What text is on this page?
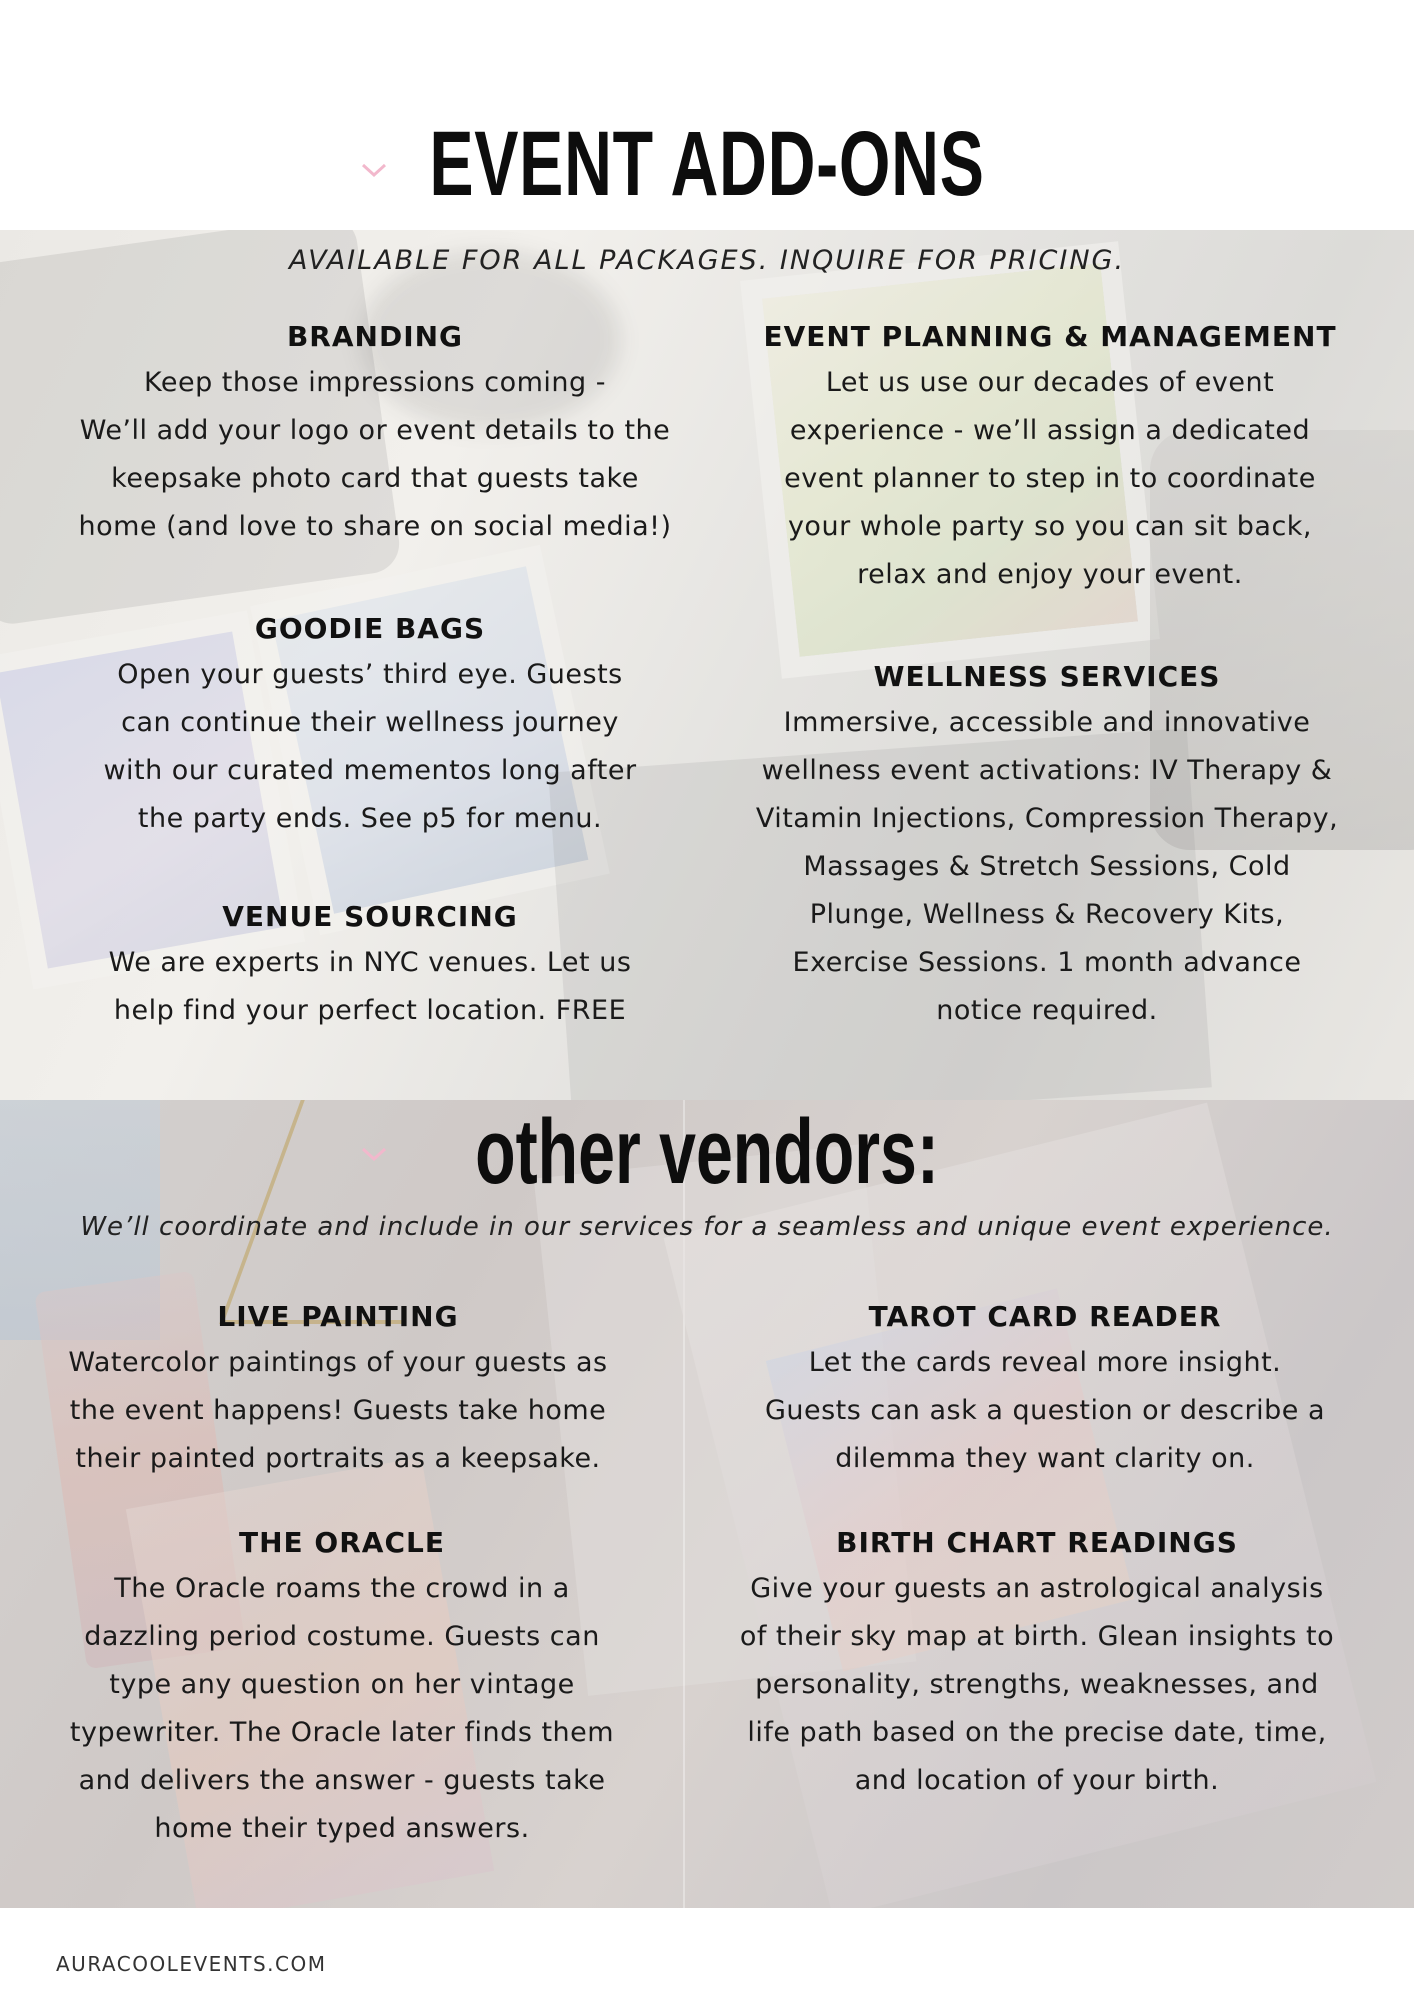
EVENT ADD-ONS

AVAILABLE FOR ALL PACKAGES. INQUIRE FOR PRICING.

BRANDING

Keep those impressions coming -

We’ll add your logo or event details to the

keepsake photo card that guests take

home (and love to share on social media!)

EVENT PLANNING & MANAGEMENT

Let us use our decades of event

experience - we’ll assign a dedicated

event planner to step in to coordinate

your whole party so you can sit back,

relax and enjoy your event.

GOODIE BAGS

Open your guests’ third eye. Guests

can continue their wellness journey

with our curated mementos long after

the party ends. See p5 for menu.

WELLNESS SERVICES

Immersive, accessible and innovative

wellness event activations: IV Therapy &

Vitamin Injections, Compression Therapy,

Massages & Stretch Sessions, Cold

Plunge, Wellness & Recovery Kits,

Exercise Sessions. 1 month advance

notice required.

VENUE SOURCING

We are experts in NYC venues. Let us

help find your perfect location. FREE

other vendors:

We’ll coordinate and include in our services for a seamless and unique event experience.

LIVE PAINTING

Watercolor paintings of your guests as

the event happens! Guests take home

their painted portraits as a keepsake.

TAROT CARD READER

Let the cards reveal more insight.

Guests can ask a question or describe a

dilemma they want clarity on.

THE ORACLE

The Oracle roams the crowd in a

dazzling period costume. Guests can

type any question on her vintage

typewriter. The Oracle later finds them

and delivers the answer - guests take

home their typed answers.

BIRTH CHART READINGS

Give your guests an astrological analysis

of their sky map at birth. Glean insights to

personality, strengths, weaknesses, and

life path based on the precise date, time,

and location of your birth.

AURACOOLEVENTS.COM
